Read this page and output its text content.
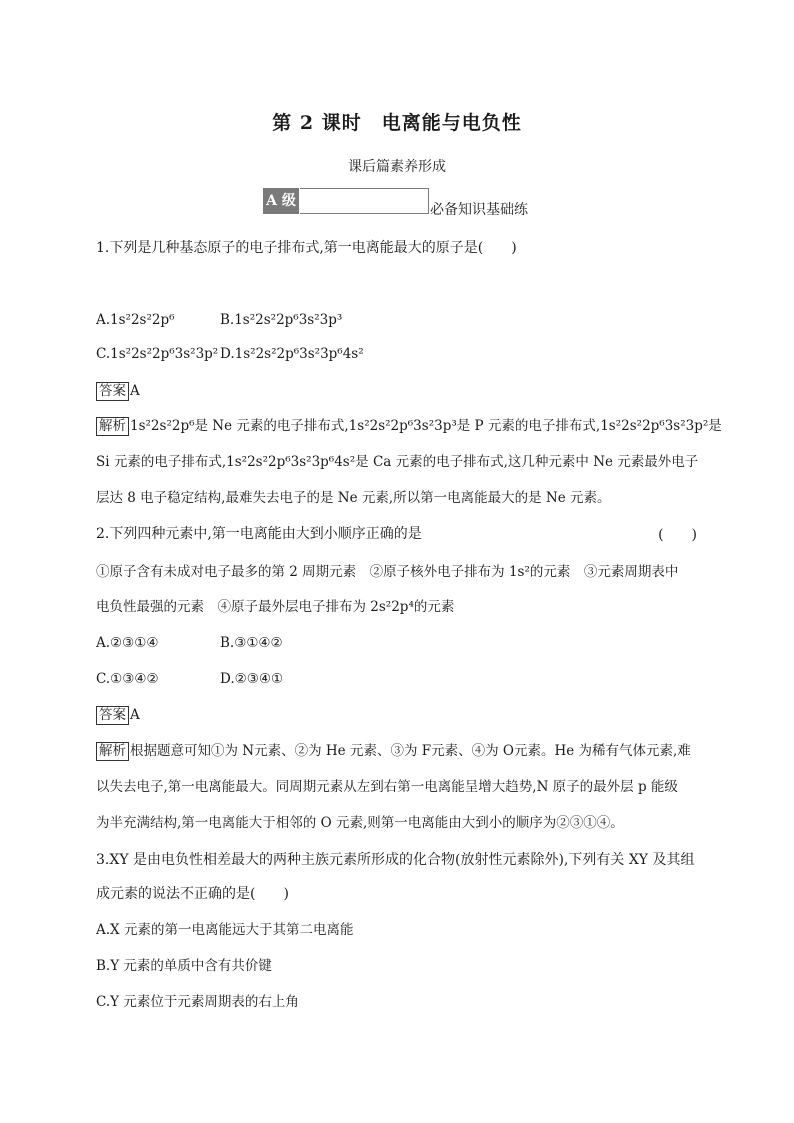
第 2 课时　电离能与电负性
课后篇素养形成
A 级
必备知识基础练
1.下列是几种基态原子的电子排布式,第一电离能最大的原子是(　　)
A.1s²2s²2p⁶	B.1s²2s²2p⁶3s²3p³
C.1s²2s²2p⁶3s²3p² D.1s²2s²2p⁶3s²3p⁶4s²
答案 A
解析 1s²2s²2p⁶是 Ne 元素的电子排布式,1s²2s²2p⁶3s²3p³是 P 元素的电子排布式,1s²2s²2p⁶3s²3p²是
Si 元素的电子排布式,1s²2s²2p⁶3s²3p⁶4s²是 Ca 元素的电子排布式,这几种元素中 Ne 元素最外电子
层达 8 电子稳定结构,最难失去电子的是 Ne 元素,所以第一电离能最大的是 Ne 元素。
2.下列四种元素中,第一电离能由大到小顺序正确的是	(　　)
①原子含有未成对电子最多的第 2 周期元素　②原子核外电子排布为 1s²的元素　③元素周期表中
电负性最强的元素　④原子最外层电子排布为 2s²2p⁴的元素
A.②③①④	B.③①④②
C.①③④②	D.②③④①
答案 A
解析 根据题意可知①为 N元素、②为 He 元素、③为 F元素、④为 O元素。He 为稀有气体元素,难
以失去电子,第一电离能最大。同周期元素从左到右第一电离能呈增大趋势,N 原子的最外层 p 能级
为半充满结构,第一电离能大于相邻的 O 元素,则第一电离能由大到小的顺序为②③①④。
3.XY 是由电负性相差最大的两种主族元素所形成的化合物(放射性元素除外),下列有关 XY 及其组
成元素的说法不正确的是(　　)
A.X 元素的第一电离能远大于其第二电离能
B.Y 元素的单质中含有共价键
C.Y 元素位于元素周期表的右上角
